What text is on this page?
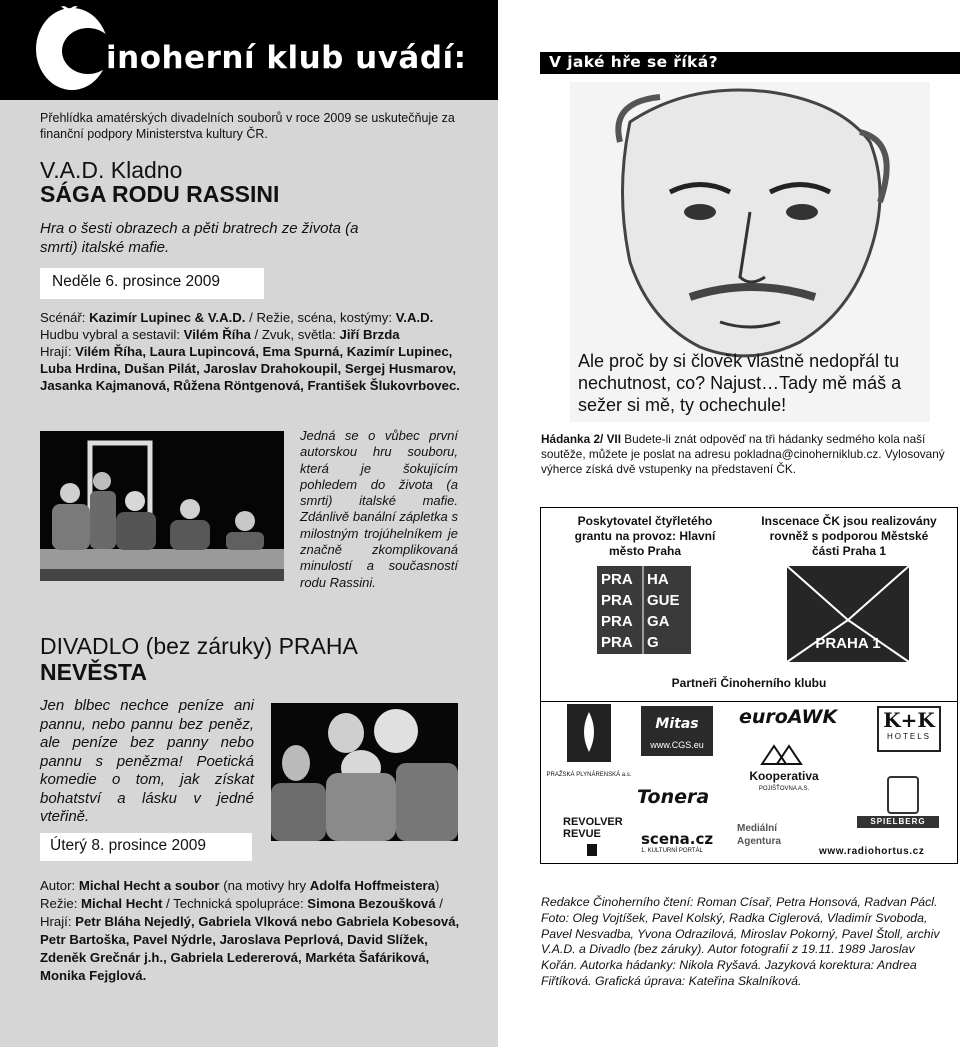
ˇ
inoherní klub uvádí:
Přehlídka amatérských divadelních souborů v roce 2009 se uskutečňuje za finanční podpory Ministerstva kultury ČR.
V.A.D. Kladno
SÁGA RODU RASSINI
Hra o šesti obrazech a pěti bratrech ze života (a smrti) italské mafie.
Neděle 6. prosince 2009
Scénář: Kazimír Lupinec & V.A.D. / Režie, scéna, kostýmy: V.A.D.
Hudbu vybral a sestavil: Vilém Říha / Zvuk, světla: Jiří Brzda
Hrají: Vilém Říha, Laura Lupincová, Ema Spurná, Kazimír Lupinec, Luba Hrdina, Dušan Pilát, Jaroslav Drahokoupil, Sergej Husmarov, Jasanka Kajmanová, Růžena Röntgenová, František Šlukovrbovec.
Jedná se o vůbec první autorskou hru souboru, která je šokujícím pohledem do života (a smrti) italské mafie. Zdánlivě banální zápletka s milostným trojúhelníkem je značně zkomplikovaná minulostí a současností rodu Rassini.
DIVADLO (bez záruky) PRAHA
NEVĚSTA
Jen blbec nechce peníze ani pannu, nebo pannu bez peněz, ale peníze bez panny nebo pannu s penězma! Poetická komedie o tom, jak získat bohatství a lásku v jedné vteřině.
Úterý 8. prosince 2009
Autor: Michal Hecht a soubor (na motivy hry Adolfa Hoffmeistera) Režie: Michal Hecht / Technická spolupráce: Simona Bezoušková / Hrají: Petr Bláha Nejedlý, Gabriela Vlková nebo Gabriela Kobesová, Petr Bartoška, Pavel Nýdrle, Jaroslava Peprlová, David Slížek, Zdeněk Grečnár j.h., Gabriela Ledererová, Markéta Šafáriková, Monika Fejglová.
V jaké hře se říká?
Ale proč by si člověk vlastně nedopřál tu
nechutnost, co? Najust…Tady mě máš a
sežer si mě, ty ochechule!
Hádanka 2/ VII Budete-li znát odpověď na tři hádanky sedmého kola naší soutěže, můžete je poslat na adresu pokladna@cinoherniklub.cz. Vylosovaný výherce získá dvě vstupenky na představení ČK.
Poskytovatel čtyřletého grantu na provoz: Hlavní město Praha
Inscenace ČK jsou realizovány rovněž s podporou Městské části Praha 1
PRA HA
PRA GUE
PRA GA
PRA G	PRAHA 1
Partneři Činoherního klubu
PRAŽSKÁ PLYNÁRENSKÁ a.s.
Mitas
www.CGS.eu
euroAWK K+K
HOTELS
Kooperativa
POJIŠŤOVNA A.S.
Tonera
SPIELBERG
REVOLVER REVUE	scena.cz
1. KULTURNÍ PORTÁL
Mediální Agentura
www.radiohortus.cz
Redakce Činoherního čtení: Roman Císař, Petra Honsová, Radvan Pácl. Foto: Oleg Vojtíšek, Pavel Kolský, Radka Ciglerová, Vladimír Svoboda, Pavel Nesvadba, Yvona Odrazilová, Miroslav Pokorný, Pavel Štoll, archiv V.A.D. a Divadlo (bez záruky). Autor fotografií z 19.11. 1989 Jaroslav Kořán. Autorka hádanky: Nikola Ryšavá. Jazyková korektura: Andrea Fiřtíková. Grafická úprava: Kateřina Skalníková.
